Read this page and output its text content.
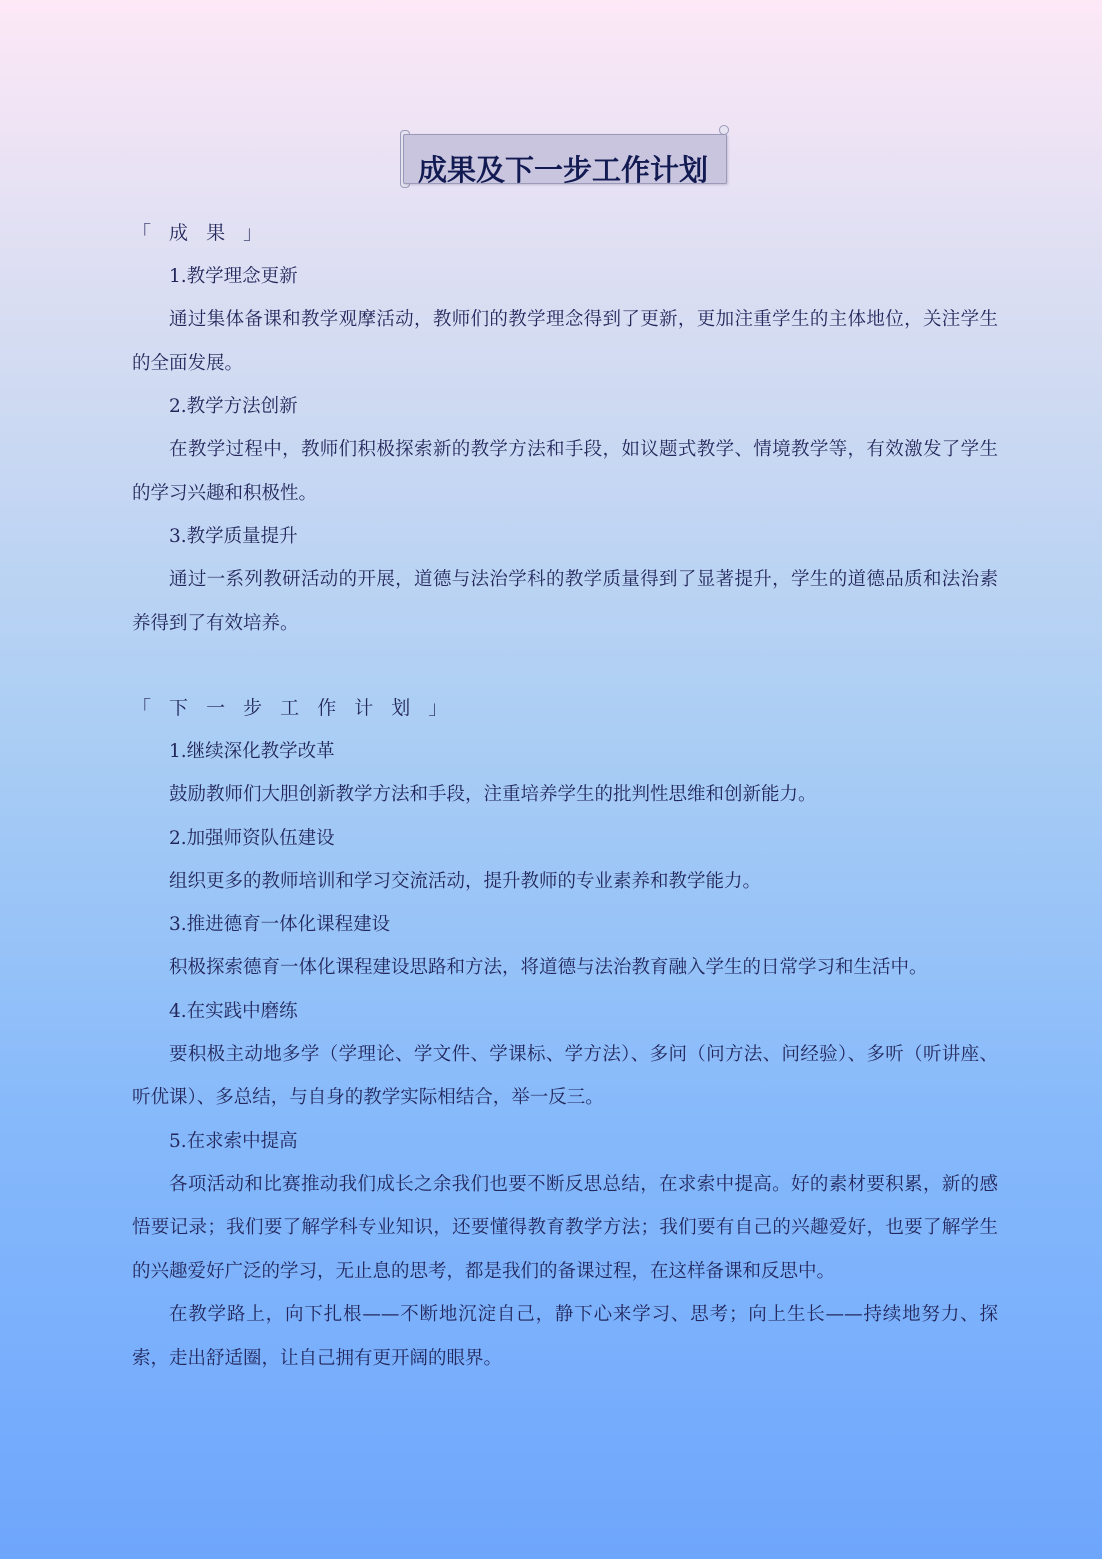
成果及下一步工作计划

「 成 果 」

1.教学理念更新

通过集体备课和教学观摩活动，教师们的教学理念得到了更新，更加注重学生的主体地位，关注学生的全面发展。

2.教学方法创新

在教学过程中，教师们积极探索新的教学方法和手段，如议题式教学、情境教学等，有效激发了学生的学习兴趣和积极性。

3.教学质量提升

通过一系列教研活动的开展，道德与法治学科的教学质量得到了显著提升，学生的道德品质和法治素养得到了有效培养。

「 下 一 步 工 作 计 划 」

1.继续深化教学改革

鼓励教师们大胆创新教学方法和手段，注重培养学生的批判性思维和创新能力。

2.加强师资队伍建设

组织更多的教师培训和学习交流活动，提升教师的专业素养和教学能力。

3.推进德育一体化课程建设

积极探索德育一体化课程建设思路和方法，将道德与法治教育融入学生的日常学习和生活中。

4.在实践中磨练

要积极主动地多学（学理论、学文件、学课标、学方法）、多问（问方法、问经验）、多听（听讲座、听优课）、多总结，与自身的教学实际相结合，举一反三。

5.在求索中提高

各项活动和比赛推动我们成长之余我们也要不断反思总结，在求索中提高。好的素材要积累，新的感悟要记录；我们要了解学科专业知识，还要懂得教育教学方法；我们要有自己的兴趣爱好，也要了解学生的兴趣爱好广泛的学习，无止息的思考，都是我们的备课过程，在这样备课和反思中。

在教学路上，向下扎根——不断地沉淀自己，静下心来学习、思考；向上生长——持续地努力、探索，走出舒适圈，让自己拥有更开阔的眼界。
